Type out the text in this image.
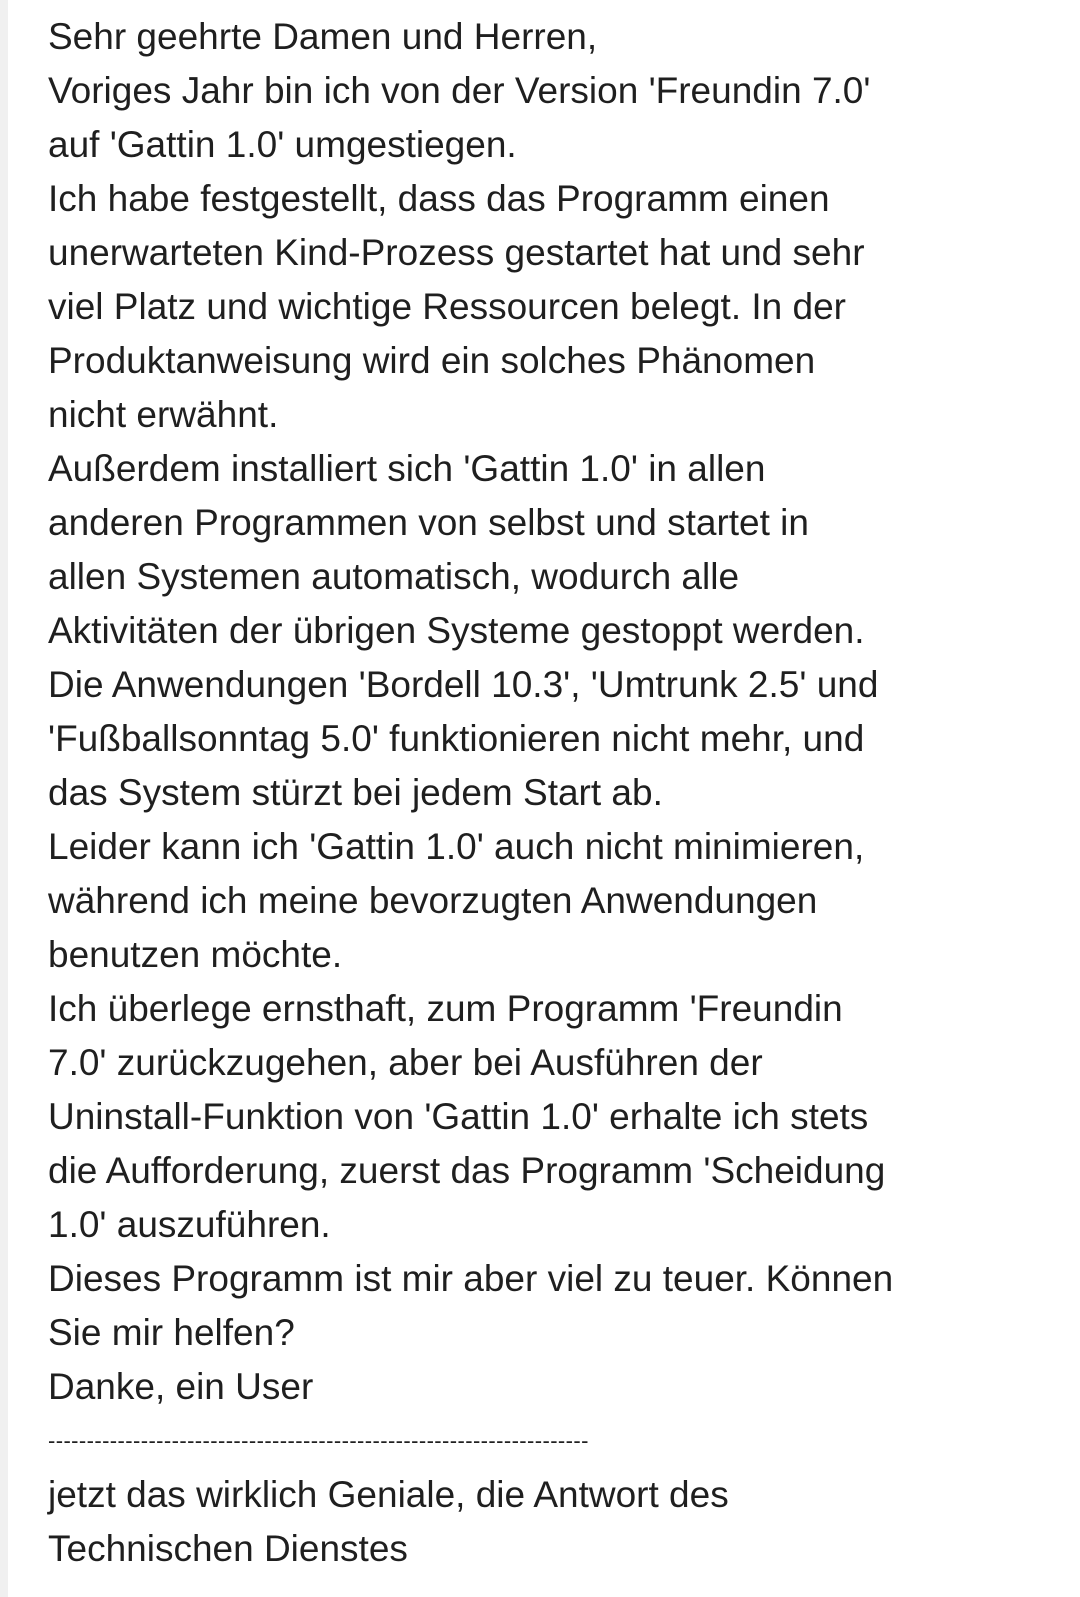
Sehr geehrte Damen und Herren,
Voriges Jahr bin ich von der Version 'Freundin 7.0'
auf 'Gattin 1.0' umgestiegen.
Ich habe festgestellt, dass das Programm einen
unerwarteten Kind-Prozess gestartet hat und sehr
viel Platz und wichtige Ressourcen belegt. In der
Produktanweisung wird ein solches Phänomen
nicht erwähnt.
Außerdem installiert sich 'Gattin 1.0' in allen
anderen Programmen von selbst und startet in
allen Systemen automatisch, wodurch alle
Aktivitäten der übrigen Systeme gestoppt werden.
Die Anwendungen 'Bordell 10.3', 'Umtrunk 2.5' und
'Fußballsonntag 5.0' funktionieren nicht mehr, und
das System stürzt bei jedem Start ab.
Leider kann ich 'Gattin 1.0' auch nicht minimieren,
während ich meine bevorzugten Anwendungen
benutzen möchte.
Ich überlege ernsthaft, zum Programm 'Freundin
7.0' zurückzugehen, aber bei Ausführen der
Uninstall-Funktion von 'Gattin 1.0' erhalte ich stets
die Aufforderung, zuerst das Programm 'Scheidung
1.0' auszuführen.
Dieses Programm ist mir aber viel zu teuer. Können
Sie mir helfen?
Danke, ein User
----------------------------------------------------------------------
jetzt das wirklich Geniale, die Antwort des
Technischen Dienstes
